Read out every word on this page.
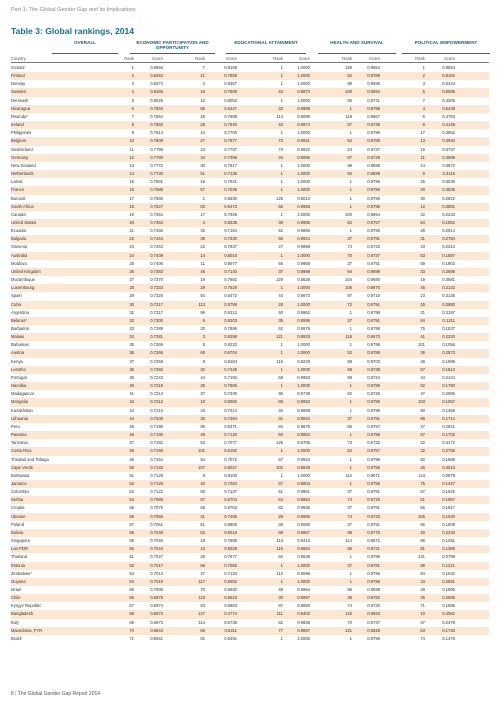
Part 1: The Global Gender Gap and its Implications
Table 3: Global rankings, 2014
OVERALL	ECONOMIC PARTICIPATION AND OPPORTUNITY
EDUCATIONAL ATTAINMENT	HEALTH AND SURVIVAL	POLITICAL EMPOWERMENT
Country	Rank	Score	Rank	Score	Rank	Score	Rank	Score	Rank	Score
Iceland	1	0.8594	7	0.8169	1	1.0000	128	0.9654	1	0.8554
Finland	2	0.8453	21	0.7859	1	1.0000	52	0.9789	2	0.8162
Norway	3	0.8374	2	0.8357	1	1.0000	99	0.9695	3	0.5444
Sweden	4	0.8165	15	0.7909	43	0.9974	100	0.9694	5	0.5085
Denmark	5	0.8025	12	0.8053	1	1.0000	85	0.9741	7	0.4306
Nicaragua	6	0.7894	85	0.6347	33	0.9998	1	0.9796	4	0.5438
Rwanda*	7	0.7854	25	0.7688	114	0.8089	118	0.9667	6	0.4783
Ireland	8	0.7850	28	0.7540	43	0.9974	67	0.9739	8	0.4148
Philippines	9	0.7814	24	0.7700	1	1.0000	1	0.9796	17	0.3662
Belgium	10	0.7809	27	0.7577	73	0.9931	52	0.9789	13	0.3940
Switzerland	11	0.7798	23	0.7797	73	0.9922	24	0.9737	16	0.3737
Germany	12	0.7780	34	0.7396	34	0.9995	67	0.9739	11	0.3988
New Zealand	13	0.7772	30	0.7517	1	1.0000	98	0.9698	14	0.3872
Netherlands	14	0.7730	51	0.7136	1	1.0000	94	0.9699	9	0.4116
Latvia	15	0.7691	16	0.7921	1	1.0000	1	0.9796	25	0.3036
France	16	0.7588	57	0.7036	1	1.0000	1	0.9796	20	0.3535
Burundi	17	0.7565	1	0.8630	125	0.8013	1	0.9796	30	0.2822
South Africa	18	0.7527	83	0.6473	55	0.9959	1	0.9796	12	0.3881
Canada	19	0.7464	17	0.7928	1	1.0000	100	0.9694	42	0.2233
United States	20	0.7463	4	0.8235	39	0.9986	62	0.9757	54	0.1862
Ecuador	21	0.7455	45	0.7154	52	0.9966	1	0.9796	28	0.2914
Bulgaria	22	0.7444	39	0.7330	66	0.9924	37	0.9791	31	0.2784
Slovenia	23	0.7443	22	0.7837	27	0.9988	74	0.9733	43	0.2214
Australia	24	0.7409	14	0.8010	1	1.0000	70	0.9737	53	0.1887
Moldova	25	0.7405	11	0.8077	56	0.9958	37	0.9791	59	0.1802
United Kingdom	26	0.7383	46	0.7140	37	0.9989	94	0.9699	33	0.2696
Mozambique	27	0.7370	19	0.7882	129	0.8526	104	0.9680	19	0.3581
Luxembourg	28	0.7333	29	0.7529	1	1.0000	106	0.9670	45	0.2132
Spain	29	0.7325	84	0.6472	44	0.9973	87	0.9719	23	0.3135
Cuba	30	0.7317	113	0.5799	28	1.0000	72	0.9791	15	0.3880
Argentina	31	0.7317	96	0.6312	50	0.9962	1	0.9796	21	0.3197
Belarus*	32	0.7300	6	0.8203	35	0.9995	37	0.9791	84	0.1211
Barbados	33	0.7289	20	0.7895	62	0.9976	1	0.9796	75	0.1537
Malawi	34	0.7281	3	0.8298	121	0.8933	116	0.9673	41	0.2220
Bahamas	35	0.7269	5	0.8233	1	1.0000	1	0.9796	101	0.1056
Austria	36	0.7266	68	0.6704	1	1.0000	52	0.9789	36	0.2573
Kenya	37	0.7258	8	0.8104	115	0.8229	88	0.9703	48	0.1998
Lesotho	38	0.7255	32	0.7449	1	1.0000	68	0.9738	57	0.1813
Portugal	39	0.7243	44	0.7192	58	0.9953	89	0.9724	44	0.2124
Namibia	40	0.7219	26	0.7586	1	1.0000	1	0.9796	62	0.1760
Madagascar	41	0.7214	37	0.7335	95	0.9738	82	0.9725	47	0.2056
Mongolia	42	0.7212	10	0.8082	68	0.9952	1	0.9796	103	0.1057
Kazakhstan	43	0.7210	33	0.7414	46	0.9968	1	0.9796	80	0.1456
Lithuania	44	0.7208	35	0.7384	31	0.9942	37	0.9791	85	0.1714
Peru	45	0.7198	95	0.6371	84	0.9876	65	0.9757	27	0.2841
Panama	46	0.7195	48	0.7120	60	0.9952	1	0.9796	57	0.1702
Tanzania	47	0.7182	53	0.7077	125	0.8706	73	0.9732	22	0.3172
Costa Rica	48	0.7165	101	0.6150	1	1.0000	62	0.9757	32	0.2756
Trinidad and Tobago	49	0.7154	54	0.7072	57	0.9944	1	0.9796	50	0.1885
Cape Verde	50	0.7133	107	0.6027	102	0.9649	1	0.9796	26	0.3013
Botswana	51	0.7129	9	0.8100	1	1.0000	112	0.9671	124	0.0879
Jamaica	52	0.7128	40	0.7284	97	0.9904	1	0.9796	75	0.1447
Colombia	53	0.7122	50	0.7137	51	0.9961	37	0.9791	87	0.1626
Serbia	54	0.7086	67	0.6704	54	0.9954	74	0.9729	51	0.1957
Croatia	55	0.7075	65	0.6753	82	0.9936	37	0.9791	56	0.1817
Ukraine	56	0.7056	31	0.7465	29	0.9986	74	0.9733	155	0.1040
Poland	57	0.7051	61	0.6808	38	0.9990	37	0.9791	65	0.1608
Bolivia	58	0.7049	62	0.6019	98	0.9867	98	0.9775	40	0.2330
Singapore	59	0.7046	18	0.7898	113	0.9413	114	0.9671	86	0.1281
Lao PDR	60	0.7044	13	0.8028	116	0.8664	86	0.9721	81	0.1385
Thailand	61	0.7027	28	0.7677	84	0.9838	1	0.9796	131	0.0799
Estonia	62	0.7017	56	0.7055	1	1.0000	37	0.9791	89	0.1221
Zimbabwe*	63	0.7013	47	0.7133	112	0.9596	1	0.9796	84	0.1532
Guyana	64	0.7010	117	0.5652	1	1.0000	1	0.9796	34	0.2591
Israel	65	0.7005	70	0.6592	48	0.9964	96	0.9698	49	0.1965
Chile	66	0.6975	119	0.5523	30	0.9997	36	0.9792	35	0.2586
Kyrgyz Republic	67	0.6974	63	0.6803	87	0.9880	74	0.9730	71	0.1586
Bangladesh	68	0.6973	127	0.4774	111	0.9402	122	0.9653	10	0.4062
Italy	69	0.6973	114	0.5738	62	0.9938	70	0.9737	37	0.2479
Macedonia, FYR	70	0.6943	66	0.6211	77	0.9897	121	0.9629	63	0.1740
Brazil	71	0.6941	81	0.6491	1	1.0000	1	0.9796	74	0.1476
8 | The Global Gender Gap Report 2014
